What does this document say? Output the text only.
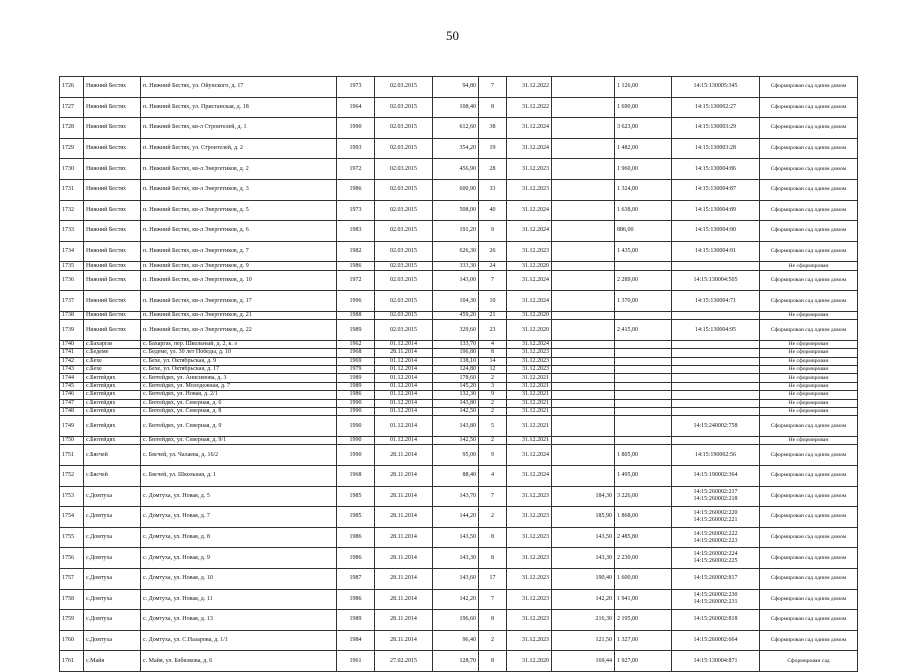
50
1726	Нижний Бестях	п. Нижний Бестях, ул. Ойунского, д. 17	1973	02.03.2015	94,80	7	31.12.2022		1 126,00	14:15:130005:345	Сформирован сад одним домом
1727	Нижний Бестях	п. Нижний Бестях, ул. Пристанская, д. 18	1964	02.03.2015	108,40	8	31.12.2022		1 690,00	14:15:130002:27	Сформирован сад одним домом
1728	Нижний Бестях	п. Нижний Бестях, кв-л Строителей, д. 1	1990	02.03.2015	612,60	38	31.12.2024		3 623,00	14:15:130003:29	Сформирован сад одним домом
1729	Нижний Бестях	п. Нижний Бестях, ул. Строителей, д. 2	1993	02.03.2015	354,20	19	31.12.2024		1 482,00	14:15:130003:28	Сформирован сад одним домом
1730	Нижний Бестях	п. Нижний Бестях, кв-л Энергетиков, д. 2	1972	02.03.2015	456,90	28	31.12.2023		1 960,00	14:15:130004:86	Сформирован сад одним домом
1731	Нижний Бестях	п. Нижний Бестях, кв-л Энергетиков, д. 3	1986	02.03.2015	600,90	33	31.12.2023		1 324,00	14:15:130004:87	Сформирован сад одним домом
1732	Нижний Бестях	п. Нижний Бестях, кв-л Энергетиков, д. 5	1973	02.03.2015	508,00	40	31.12.2024		1 638,00	14:15:130004:89	Сформирован сад одним домом
1733	Нижний Бестях	п. Нижний Бестях, кв-л Энергетиков, д. 6	1983	02.03.2015	191,20	9	31.12.2024		886,00	14:15:130004:90	Сформирован сад одним домом
1734	Нижний Бестях	п. Нижний Бестях, кв-л Энергетиков, д. 7	1982	02.03.2015	626,30	26	31.12.2023		1 435,00	14:15:130004:91	Сформирован сад одним домом
1735	Нижний Бестях	п. Нижний Бестях, кв-л Энергетиков, д. 9	1986	02.03.2015	333,30	24	31.12.2020				Не сформирован
1736	Нижний Бестях	п. Нижний Бестях, кв-л Энергетиков, д. 10	1972	02.03.2015	143,00	7	31.12.2024		2 289,00	14:15:130004:505	Сформирован сад одним домом
1737	Нижний Бестях	п. Нижний Бестях, кв-л Энергетиков, д. 17	1996	02.03.2015	104,30	10	31.12.2024		1 370,00	14:15:130004:71	Сформирован сад одним домом
1738	Нижний Бестях	п. Нижний Бестях, кв-л Энергетиков, д. 21	1988	02.03.2015	459,20	21	31.12.2020				Не сформирован
1739	Нижний Бестях	п. Нижний Бестях, кв-л Энергетиков, д. 22	1989	02.03.2015	329,60	23	31.12.2020		2 415,00	14:15:130004:95	Сформирован сад одним домом
1740	с.Бахаргаs	с. Бахаргаs, пер. Школьный, д. 2, к. э	1962	01.12.2014	133,70	4	31.12.2024				Не сформирован
1741	с.Бедеме	с. Бедеме, ул. 30 лет Победы, д. 10	1968	28.11.2014	196,80	8	31.12.2023				Не сформирован
1742	с.Бехе	с. Бехе, ул. Октябрьская, д. 9	1969	01.12.2014	138,10	14	31.12.2023				Не сформирован
1743	с.Бехе	с. Бехе, ул. Октябрьская, д. 17	1979	01.12.2014	124,80	12	31.12.2023				Не сформирован
1744	с.Бютейдях	с. Бютейдях, ул. Анисимова, д. 3	1989	01.12.2014	178,60	2	31.12.2021				Не сформирован
1745	с.Бютейдях	с. Бютейдях, ул. Молодежная, д. 7	1989	01.12.2014	145,20	3	31.12.2021				Не сформирован
1746	с.Бютейдях	с. Бютейдях, ул. Новая, д. 2/1	1986	01.12.2014	132,30	9	31.12.2021				Не сформирован
1747	с.Бютейдях	с. Бютейдях, ул. Северная, д. 6	1990	01.12.2014	143,80	2	31.12.2021				Не сформирован
1748	с.Бютейдях	с. Бютейдях, ул. Северная, д. 8	1990	01.12.2014	142,50	2	31.12.2021				Не сформирован
1749	с.Бютейдях	с. Бютейдях, ул. Северная, д. 9	1990	01.12.2014	143,80	5	31.12.2021			14:15:240002:758	Сформирован сад одним домом
1750	с.Бютейдях	с. Бютейдях, ул. Северная, д. 9/1	1990	01.12.2014	142,50	2	31.12.2021				Не сформирован
1751	с.Бясчей	с. Бясчей, ул. Чалаева, д. 16/2	1990	28.11.2014	95,00	9	31.12.2024		1 805,00	14:15:190002:56	Сформирован сад одним домом
1752	с.Бясчей	с. Бясчей, ул. Школьная, д. 1	1968	28.11.2014	88,40	4	31.12.2024		1 495,00	14:15:190002:364	Сформирован сад одним домом
1753	с.Домтуха	с. Домтуха, ул. Новая, д. 5	1985	28.11.2014	143,70	7	31.12.2023	184,30	3 226,00	14:15:260002:217
14:15:260002:218	Сформирован сад одним домом
1754	с.Домтуха	с. Домтуха, ул. Новая, д. 7	1985	28.11.2014	144,20	2	31.12.2023	185,90	1 868,00	14:15:260002:220
14:15:260002:221	Сформирован сад одним домом
1755	с.Домтуха	с. Домтуха, ул. Новая, д. 8	1986	28.11.2014	143,50	8	31.12.2023	143,50	2 485,80	14:15:260002:222
14:15:260002:223	Сформирован сад одним домом
1756	с.Домтуха	с. Домтуха, ул. Новая, д. 9	1986	28.11.2014	143,30	8	31.12.2023	143,30	2 230,00	14:15:260002:224
14:15:260002:225	Сформирован сад одним домом
1757	с.Домтуха	с. Домтуха, ул. Новая, д. 10	1987	28.11.2014	143,60	17	31.12.2023	190,40	1 600,00	14:15:260002:817	Сформирован сад одним домом
1758	с.Домтуха	с. Домтуха, ул. Новая, д. 11	1986	28.11.2014	142,20	7	31.12.2023	142,20	1 941,00	14:15:260002:230
14:15:260002:231	Сформирован сад одним домом
1759	с.Домтуха	с. Домтуха, ул. Новая, д. 13	1989	28.11.2014	196,60	8	31.12.2023	216,30	2 195,00	14:15:260002:818	Сформирован сад одним домом
1760	с.Домтуха	с. Домтуха, ул. С.Назарова, д. 1/1	1984	28.11.2014	96,40	2	31.12.2023	121,50	1 327,00	14:15:260002:664	Сформирован сад одним домом
1761	с.Майя	с. Майя, ул. Бэбиэкова, д. 6	1961	27.02.2015	128,70	8	31.12.2020	169,44	1 927,00	14:15:130004:871	Сформирован сад
